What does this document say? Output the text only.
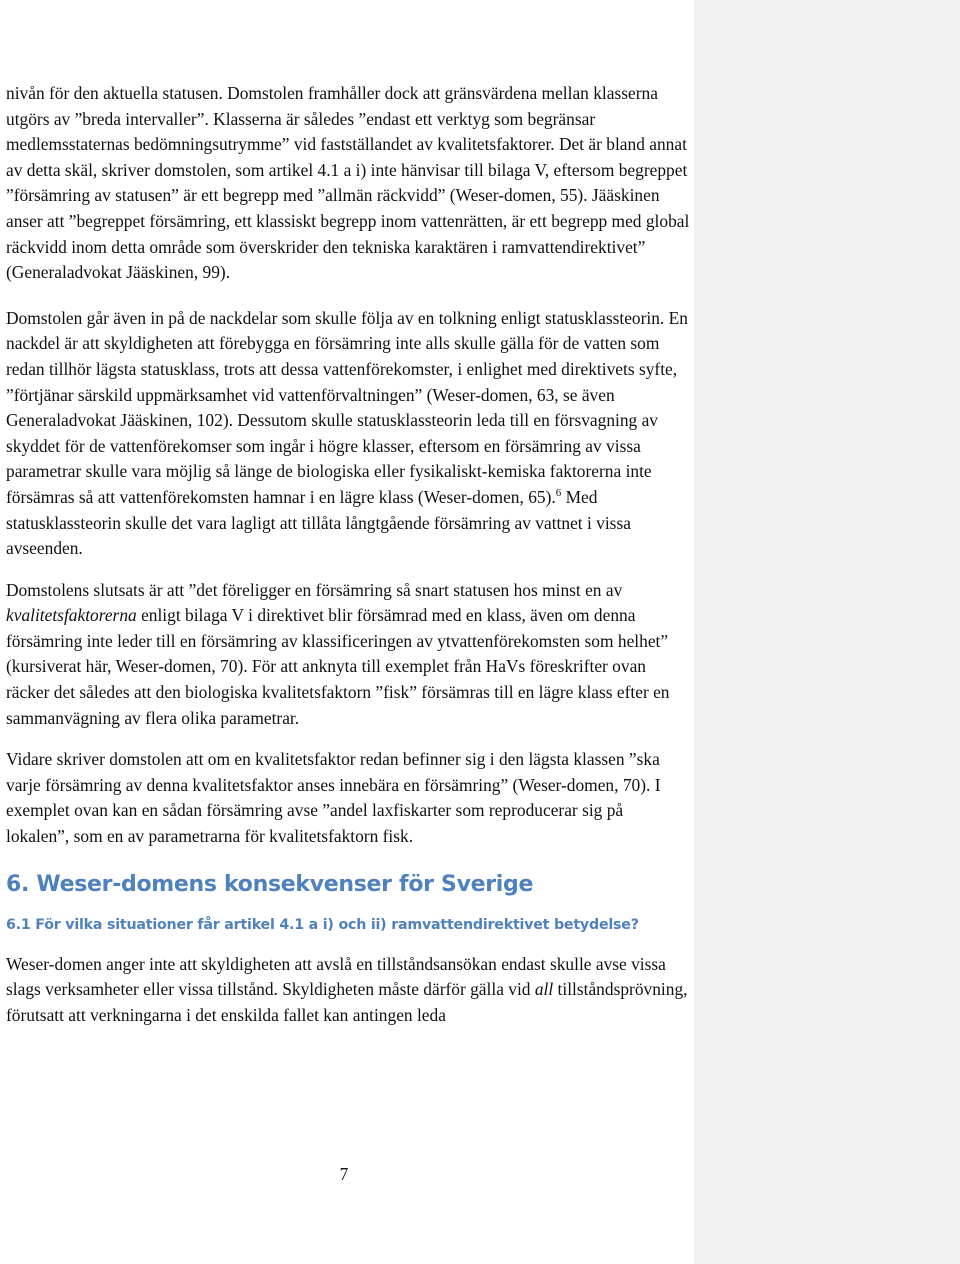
nivån för den aktuella statusen. Domstolen framhåller dock att gränsvärdena mellan klasserna utgörs av ”breda intervaller”. Klasserna är således ”endast ett verktyg som begränsar medlemsstaternas bedömningsutrymme” vid fastställandet av kvalitetsfaktorer. Det är bland annat av detta skäl, skriver domstolen, som artikel 4.1 a i) inte hänvisar till bilaga V, eftersom begreppet ”försämring av statusen” är ett begrepp med ”allmän räckvidd” (Weser-domen, 55). Jääskinen anser att ”begreppet försämring, ett klassiskt begrepp inom vattenrätten, är ett begrepp med global räckvidd inom detta område som överskrider den tekniska karaktären i ramvattendirektivet” (Generaladvokat Jääskinen, 99).

Domstolen går även in på de nackdelar som skulle följa av en tolkning enligt statusklassteorin. En nackdel är att skyldigheten att förebygga en försämring inte alls skulle gälla för de vatten som redan tillhör lägsta statusklass, trots att dessa vattenförekomster, i enlighet med direktivets syfte, ”förtjänar särskild uppmärksamhet vid vattenförvaltningen” (Weser-domen, 63, se även Generaladvokat Jääskinen, 102). Dessutom skulle statusklassteorin leda till en försvagning av skyddet för de vattenförekomser som ingår i högre klasser, eftersom en försämring av vissa parametrar skulle vara möjlig så länge de biologiska eller fysikaliskt-kemiska faktorerna inte försämras så att vattenförekomsten hamnar i en lägre klass (Weser-domen, 65).$^6$ Med statusklassteorin skulle det vara lagligt att tillåta långtgående försämring av vattnet i vissa avseenden.

Domstolens slutsats är att ”det föreligger en försämring så snart statusen hos minst en av kvalitetsfaktorerna enligt bilaga V i direktivet blir försämrad med en klass, även om denna försämring inte leder till en försämring av klassificeringen av ytvattenförekomsten som helhet” (kursiverat här, Weser-domen, 70). För att anknyta till exemplet från HaVs föreskrifter ovan räcker det således att den biologiska kvalitetsfaktorn ”fisk” försämras till en lägre klass efter en sammanvägning av flera olika parametrar.

Vidare skriver domstolen att om en kvalitetsfaktor redan befinner sig i den lägsta klassen ”ska varje försämring av denna kvalitetsfaktor anses innebära en försämring” (Weser-domen, 70). I exemplet ovan kan en sådan försämring avse ”andel laxfiskarter som reproducerar sig på lokalen”, som en av parametrarna för kvalitetsfaktorn fisk.

6. Weser-domens konsekvenser för Sverige
6.1 För vilka situationer får artikel 4.1 a i) och ii) ramvattendirektivet betydelse?

Weser-domen anger inte att skyldigheten att avslå en tillståndsansökan endast skulle avse vissa slags verksamheter eller vissa tillstånd. Skyldigheten måste därför gälla vid all tillståndsprövning, förutsatt att verkningarna i det enskilda fallet kan antingen leda

7
